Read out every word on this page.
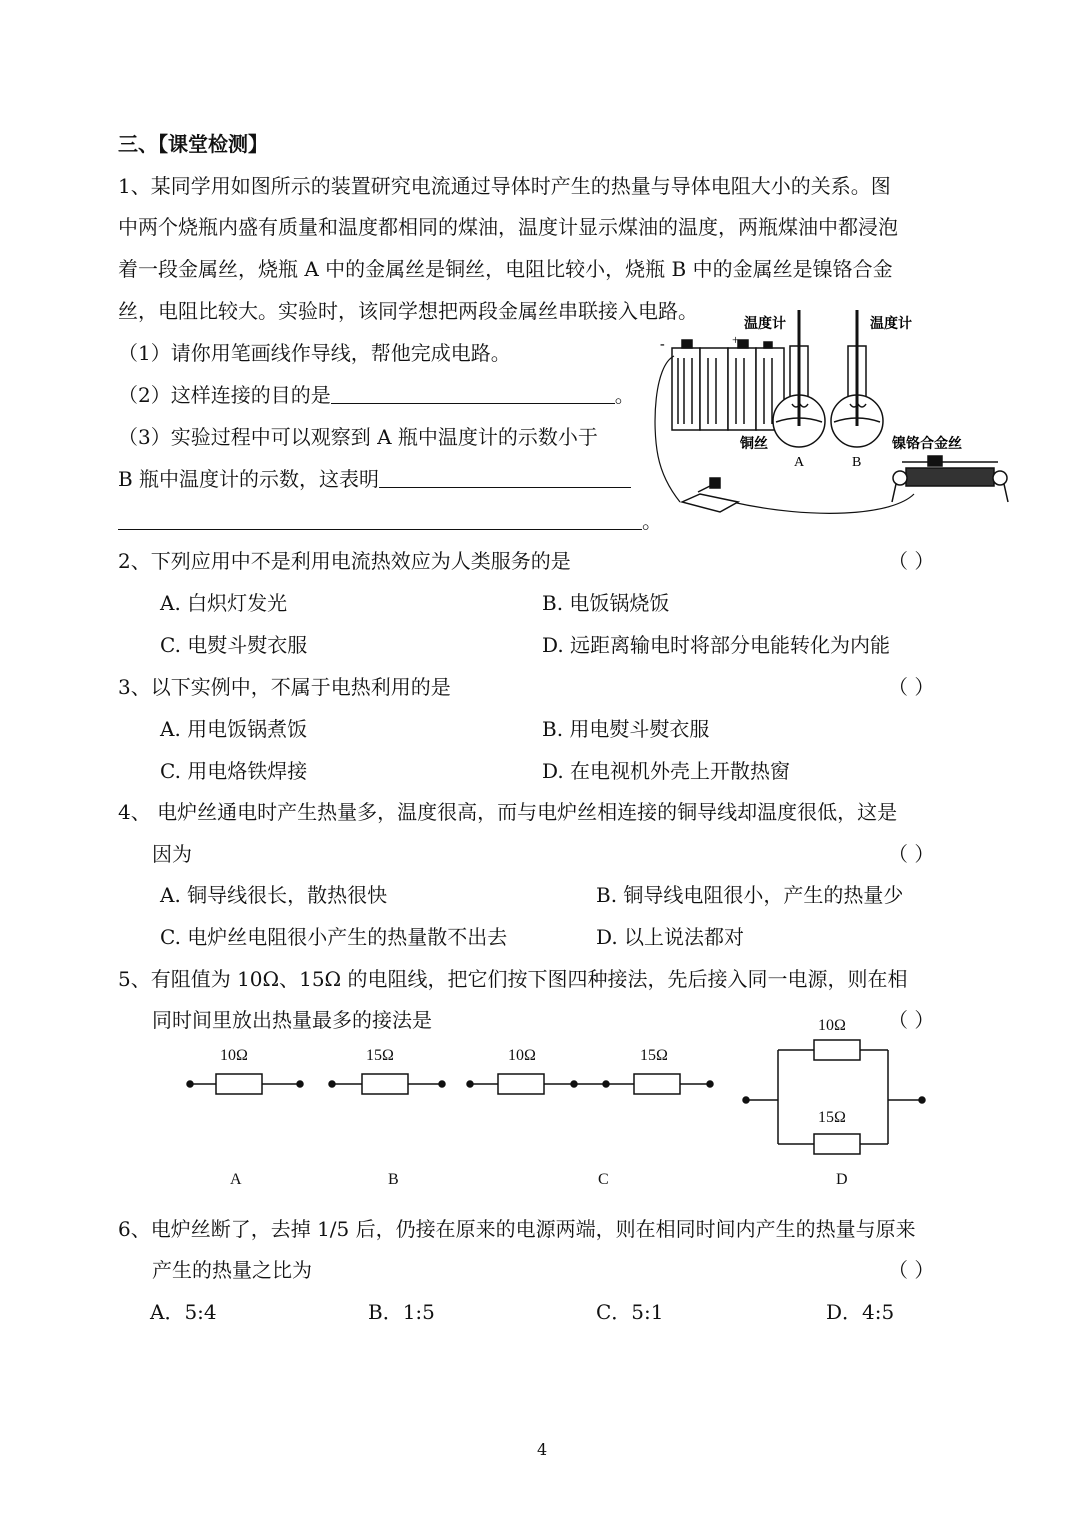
三、【课堂检测】
1、某同学用如图所示的装置研究电流通过导体时产生的热量与导体电阻大小的关系。图
中两个烧瓶内盛有质量和温度都相同的煤油，温度计显示煤油的温度，两瓶煤油中都浸泡
着一段金属丝，烧瓶 A 中的金属丝是铜丝，电阻比较小，烧瓶 B 中的金属丝是镍铬合金
丝，电阻比较大。实验时，该同学想把两段金属丝串联接入电路。
（1）请你用笔画线作导线，帮他完成电路。
（2）这样连接的目的是	。
（3）实验过程中可以观察到 A 瓶中温度计的示数小于
B 瓶中温度计的示数，这表明
。
-	+
温度计	温度计
铜丝
A	B
镍铬合金丝
2、下列应用中不是利用电流热效应为人类服务的是	（ ）
A. 白炽灯发光	B. 电饭锅烧饭
C. 电熨斗熨衣服	D. 远距离输电时将部分电能转化为内能
3、以下实例中，不属于电热利用的是	（ ）
A. 用电饭锅煮饭	B. 用电熨斗熨衣服
C. 用电烙铁焊接	D. 在电视机外壳上开散热窗
4、 电炉丝通电时产生热量多，温度很高，而与电炉丝相连接的铜导线却温度很低，这是
因为	（ ）
A. 铜导线很长，散热很快	B. 铜导线电阻很小，产生的热量少
C. 电炉丝电阻很小产生的热量散不出去	D. 以上说法都对
5、有阻值为 10Ω、15Ω 的电阻线，把它们按下图四种接法，先后接入同一电源，则在相
同时间里放出热量最多的接法是	（ ）
10Ω	15Ω	10Ω	15Ω
10Ω
15Ω
A	B	C	D
6、电炉丝断了，去掉 1/5 后，仍接在原来的电源两端，则在相同时间内产生的热量与原来
产生的热量之比为	（ ）
A．5:4	B．1:5	C．5:1	D．4:5
4
